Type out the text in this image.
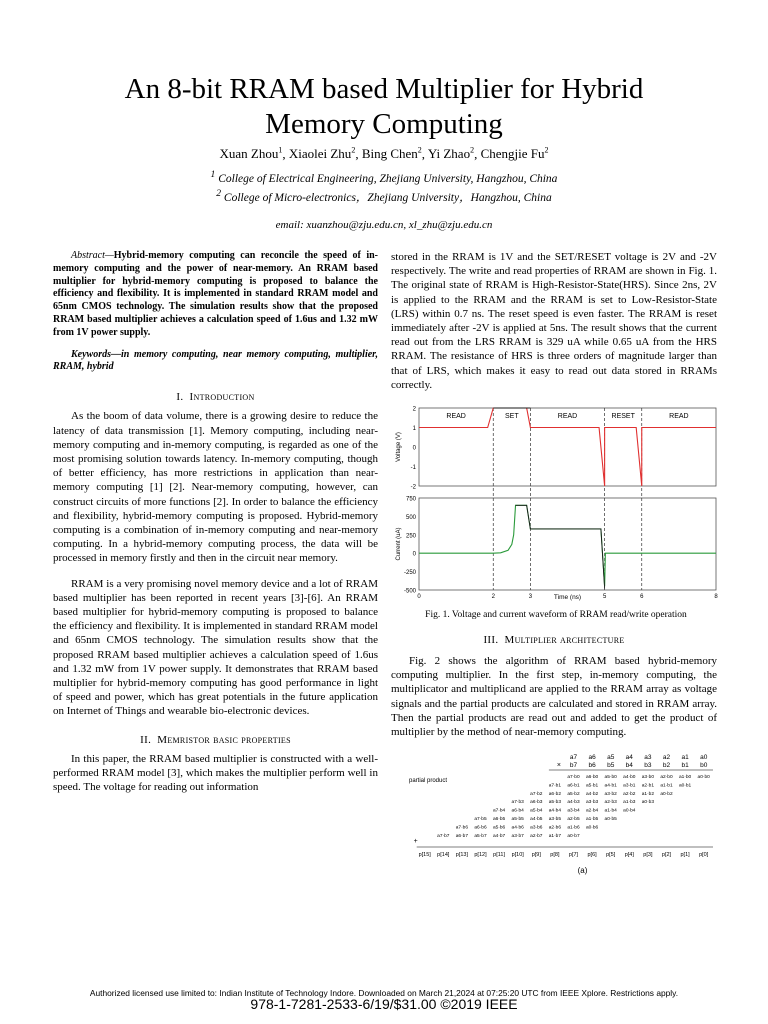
An 8-bit RRAM based Multiplier for Hybrid
Memory Computing
Xuan Zhou$^1$, Xiaolei Zhu$^2$, Bing Chen$^2$, Yi Zhao$^2$, Chengjie Fu$^2$
$^1$ College of Electrical Engineering, Zhejiang University, Hangzhou, China
$^2$ College of Micro-electronics，Zhejiang University，Hangzhou, China
email: xuanzhou@zju.edu.cn, xl_zhu@zju.edu.cn

Abstract—Hybrid-memory computing can reconcile the speed of in-memory computing and the power of near-memory. An RRAM based multiplier for hybrid-memory computing is proposed to balance the efficiency and flexibility. It is implemented in standard RRAM model and 65nm CMOS technology. The simulation results show that the proposed RRAM based multiplier achieves a calculation speed of 1.6us and 1.32 mW from 1V power supply.

Keywords—in memory computing, near memory computing, multiplier, RRAM, hybrid

I. Introduction

As the boom of data volume, there is a growing desire to reduce the latency of data transmission [1]. Memory computing, including near-memory computing and in-memory computing, is regarded as one of the most promising solution towards latency. In-memory computing, though of better efficiency, has more restrictions in application than near-memory computing [1] [2]. Near-memory computing, however, can construct circuits of more functions [2]. In order to balance the efficiency and flexibility, hybrid-memory computing is proposed. Hybrid-memory computing is a combination of in-memory computing and near-memory computing. In a hybrid-memory computing process, the data will be processed in memory firstly and then in the circuit near memory.

RRAM is a very promising novel memory device and a lot of RRAM based multiplier has been reported in recent years [3]-[6]. An RRAM based multiplier for hybrid-memory computing is proposed to balance the efficiency and flexibility. It is implemented in standard RRAM model and 65nm CMOS technology. The simulation results show that the proposed RRAM based multiplier achieves a calculation speed of 1.6us and 1.32 mW from 1V power supply. It demonstrates that RRAM based multiplier for hybrid-memory computing has good performance in light of speed and power, which has great potentials in the future application on Internet of Things and wearable bio-electronic devices.

II. Memristor basic properties

In this paper, the RRAM based multiplier is constructed with a well-performed RRAM model [3], which makes the multiplier perform well in speed. The voltage for reading out information

stored in the RRAM is 1V and the SET/RESET voltage is 2V and -2V respectively. The write and read properties of RRAM are shown in Fig. 1. The original state of RRAM is High-Resistor-State(HRS). Since 2ns, 2V is applied to the RRAM and the RRAM is set to Low-Resistor-State (LRS) within 0.7 ns. The reset speed is even faster. The RRAM is reset immediately after -2V is applied at 5ns. The result shows that the current read out from the LRS RRAM is 329 uA while 0.65 uA from the HRS RRAM. The resistance of HRS is three orders of magnitude larger than that of LRS, which makes it easy to read out data stored in RRAMs correctly.

READ	SET	READ	RESET	READ
2
1
0
-1
-2
Voltage (V)
750
500
250
0
-250
-500
Current (uA)
0	2	3	5	6	8
Time (ns)
Fig. 1. Voltage and current waveform of RRAM read/write operation
III. Multiplier architecture

Fig. 2 shows the algorithm of RRAM based hybrid-memory computing multiplier. In the first step, in-memory computing, the multiplicator and multiplicand are applied to the RRAM array as voltage signals and the partial products are calculated and stored in RRAM array. Then the partial products are read out and added to get the product of multiplier by the method of near-memory computing.

a7 a6 a5 a4 a3 a2 a1 a0
× b7 b6 b5 b4 b3 b2 b1 b0
partial product
a7·b0 a6·b0 a5·b0 a4·b0 a3·b0 a2·b0 a1·b0 a0·b0
a7·b1 a6·b1 a5·b1 a4·b1 a3·b1 a2·b1 a1·b1 a0·b1
a7·b2 a6·b2 a5·b2 a4·b2 a3·b2 a2·b2 a1·b2 a0·b2
a7·b3 a6·b3 a5·b3 a4·b3 a3·b3 a2·b3 a1·b3 a0·b3
a7·b4 a6·b4 a5·b4 a4·b4 a3·b4 a2·b4 a1·b4 a0·b4
a7·b5 a6·b5 a5·b5 a4·b5 a3·b5 a2·b5 a1·b5 a0·b5
a7·b6 a6·b6 a5·b6 a4·b6 a3·b6 a2·b6 a1·b6 a0·b6
a7·b7 a6·b7 a5·b7 a4·b7 a3·b7 a2·b7 a1·b7 a0·b7
+
p[15] p[14] p[13] p[12] p[11] p[10] p[9] p[8] p[7] p[6] p[5] p[4] p[3] p[2] p[1] p[0]
(a)
Authorized licensed use limited to: Indian Institute of Technology Indore. Downloaded on March 21,2024 at 07:25:20 UTC from IEEE Xplore. Restrictions apply.
978-1-7281-2533-6/19/$31.00 ©2019 IEEE
